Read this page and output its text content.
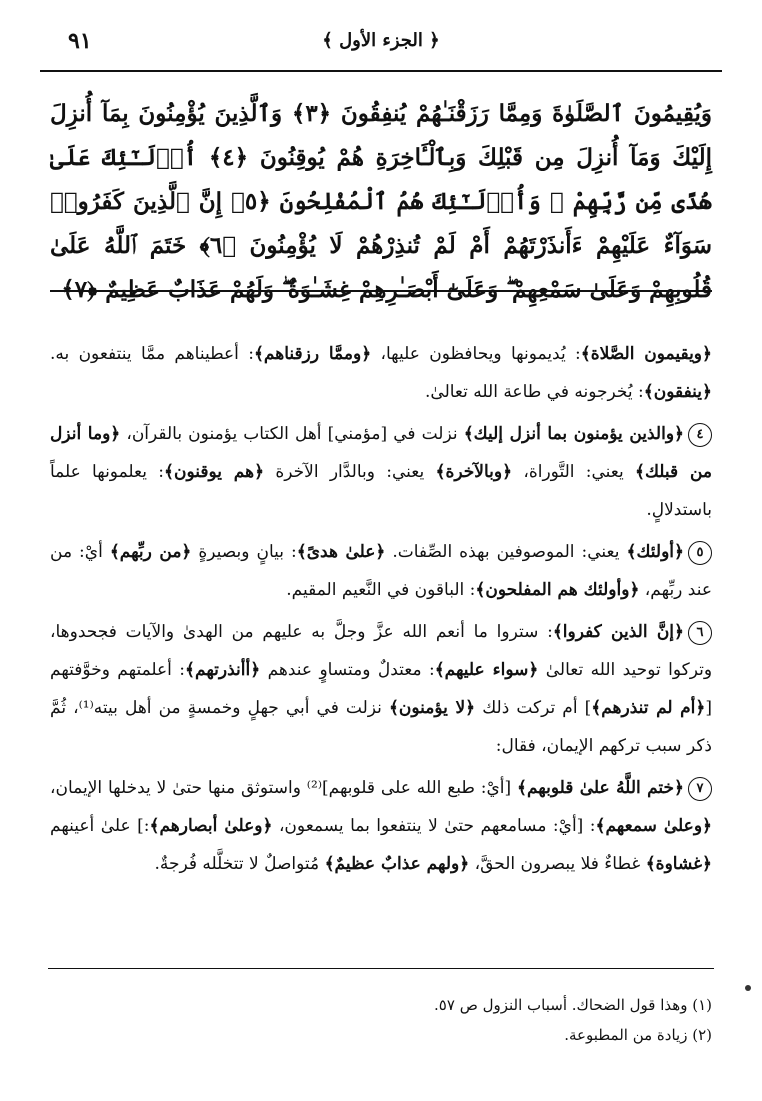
﴿ الجزء الأول ﴾
٩١
وَيُقِيمُونَ ٱلصَّلَوٰةَ وَمِمَّا رَزَقْنَـٰهُمْ يُنفِقُونَ ﴿٣﴾ وَٱلَّذِينَ يُؤْمِنُونَ بِمَآ أُنزِلَ إِلَيْكَ وَمَآ أُنزِلَ مِن قَبْلِكَ وَبِٱلْـَٔاخِرَةِ هُمْ يُوقِنُونَ ﴿٤﴾ أُو۟لَـٰٓئِكَ عَلَىٰ هُدًى مِّن رَّبِّهِمْ ۖ وَأُو۟لَـٰٓئِكَ هُمُ ٱلْمُفْلِحُونَ ﴿٥﴾ إِنَّ ٱلَّذِينَ كَفَرُوا۟ سَوَآءٌ عَلَيْهِمْ ءَأَنذَرْتَهُمْ أَمْ لَمْ تُنذِرْهُمْ لَا يُؤْمِنُونَ ﴿٦﴾ خَتَمَ ٱللَّهُ عَلَىٰ قُلُوبِهِمْ وَعَلَىٰ سَمْعِهِمْ ۖ وَعَلَىٰٓ أَبْصَـٰرِهِمْ غِشَـٰوَةٌ ۖ وَلَهُمْ عَذَابٌ عَظِيمٌ ﴿٧﴾

﴿ويقيمون الصَّلاة﴾: يُديمونها ويحافظون عليها، ﴿وممَّا رزقناهم﴾: أعطيناهم ممَّا ينتفعون به. ﴿ينفقون﴾: يُخرجونه في طاعة الله تعالىٰ.

٤﴿والذين يؤمنون بما أنزل إليك﴾ نزلت في [مؤمني] أهل الكتاب يؤمنون بالقرآن، ﴿وما أنزل من قبلك﴾ يعني: التَّوراة، ﴿وبالآخرة﴾ يعني: وبالدَّار الآخرة ﴿هم يوقنون﴾: يعلمونها علماً باستدلالٍ.

٥﴿أولئك﴾ يعني: الموصوفين بهذه الصِّفات. ﴿علىٰ هدىً﴾: بيانٍ وبصيرةٍ ﴿من ربِّهم﴾ أيْ: من عند ربِّهم، ﴿وأولئك هم المفلحون﴾: الباقون في النَّعيم المقيم.

٦﴿إنَّ الذين كفروا﴾: ستروا ما أنعم الله عزَّ وجلَّ به عليهم من الهدىٰ والآيات فجحدوها، وتركوا توحيد الله تعالىٰ ﴿سواء عليهم﴾: معتدلٌ ومتساوٍ عندهم ﴿أأنذرتهم﴾: أعلمتهم وخوَّفتهم [﴿أم لم تنذرهم﴾] أم تركت ذلك ﴿لا يؤمنون﴾ نزلت في أبي جهلٍ وخمسةٍ من أهل بيته⁽¹⁾، ثُمَّ ذكر سبب تركهم الإيمان، فقال:

٧﴿ختم اللَّهُ علىٰ قلوبهم﴾ [أيْ: طبع الله على قلوبهم]⁽²⁾ واستوثق منها حتىٰ لا يدخلها الإيمان، ﴿وعلىٰ سمعهم﴾: [أيْ: مسامعهم حتىٰ لا ينتفعوا بما يسمعون، ﴿وعلىٰ أبصارهم﴾:] علىٰ أعينهم ﴿غشاوة﴾ غطاءٌ فلا يبصرون الحقَّ، ﴿ولهم عذابٌ عظيمٌ﴾ مُتواصلٌ لا تتخلَّله فُرجةٌ.

(١) وهذا قول الضحاك. أسباب النزول ص ٥٧.

(٢) زيادة من المطبوعة.
